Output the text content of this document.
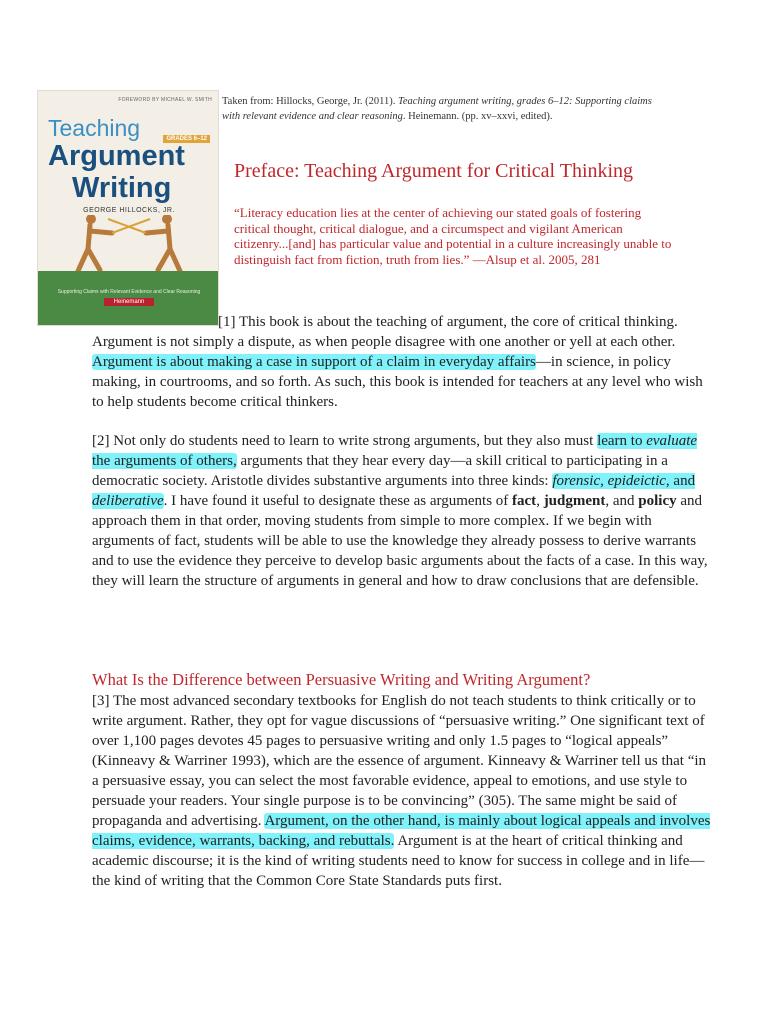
FOREWORD BY MICHAEL W. SMITH
Teaching	GRADES 6–12
Argument
Writing
GEORGE HILLOCKS, JR.
Supporting Claims with Relevant Evidence and Clear Reasoning
Heinemann
Taken from: Hillocks, George, Jr. (2011). Teaching argument writing, grades 6–12: Supporting claims with relevant evidence and clear reasoning. Heinemann. (pp. xv–xxvi, edited).
Preface: Teaching Argument for Critical Thinking
“Literacy education lies at the center of achieving our stated goals of fostering critical thought, critical dialogue, and a circumspect and vigilant American citizenry...[and] has particular value and potential in a culture increasingly unable to distinguish fact from fiction, truth from lies.” —Alsup et al. 2005, 281
[1] This book is about the teaching of argument, the core of critical thinking. Argument is not simply a dispute, as when people disagree with one another or yell at each other. Argument is about making a case in support of a claim in everyday affairs—in science, in policy making, in courtrooms, and so forth. As such, this book is intended for teachers at any level who wish to help students become critical thinkers.
[2] Not only do students need to learn to write strong arguments, but they also must learn to evaluate the arguments of others, arguments that they hear every day—a skill critical to participating in a democratic society. Aristotle divides substantive arguments into three kinds: forensic, epideictic, and deliberative. I have found it useful to designate these as arguments of fact, judgment, and policy and approach them in that order, moving students from simple to more complex. If we begin with arguments of fact, students will be able to use the knowledge they already possess to derive warrants and to use the evidence they perceive to develop basic arguments about the facts of a case. In this way, they will learn the structure of arguments in general and how to draw conclusions that are defensible.
What Is the Difference between Persuasive Writing and Writing Argument?
[3] The most advanced secondary textbooks for English do not teach students to think critically or to write argument. Rather, they opt for vague discussions of “persuasive writing.” One significant text of over 1,100 pages devotes 45 pages to persuasive writing and only 1.5 pages to “logical appeals” (Kinneavy & Warriner 1993), which are the essence of argument. Kinneavy & Warriner tell us that “in a persuasive essay, you can select the most favorable evidence, appeal to emotions, and use style to persuade your readers. Your single purpose is to be convincing” (305). The same might be said of propaganda and advertising. Argument, on the other hand, is mainly about logical appeals and involves claims, evidence, warrants, backing, and rebuttals. Argument is at the heart of critical thinking and academic discourse; it is the kind of writing students need to know for success in college and in life—the kind of writing that the Common Core State Standards puts first.
